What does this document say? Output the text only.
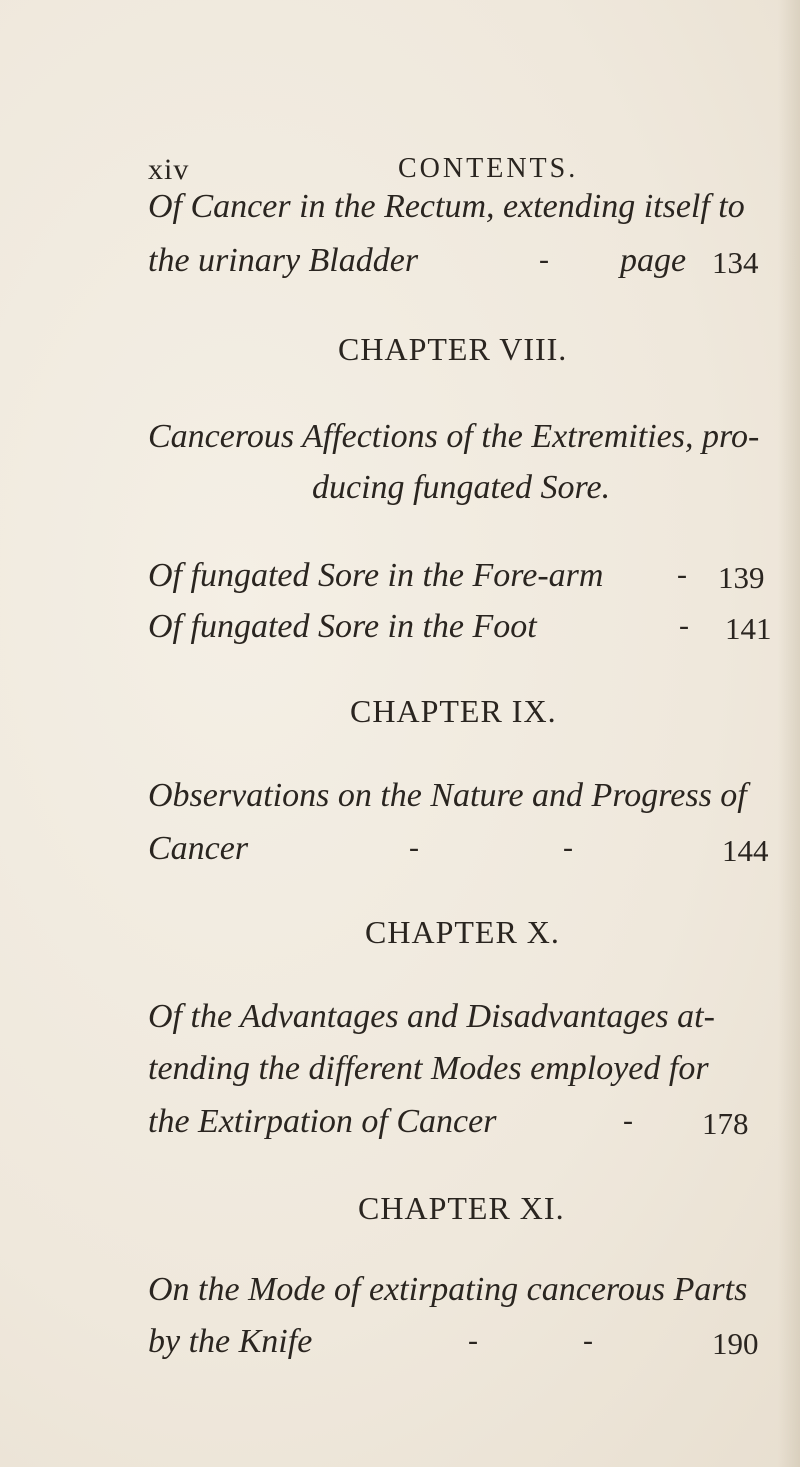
xiv	CONTENTS.
Of Cancer in the Rectum, extending itself to
the urinary Bladder	- page 134
CHAPTER VIII.
Cancerous Affections of the Extremities, pro-
ducing fungated Sore.
Of fungated Sore in the Fore-arm - 139
Of fungated Sore in the Foot	- 141
CHAPTER IX.
Observations on the Nature and Progress of
Cancer	-	-	144
CHAPTER X.
Of the Advantages and Disadvantages at-
tending the different Modes employed for
the Extirpation of Cancer	- 178
CHAPTER XI.
On the Mode of extirpating cancerous Parts
by the Knife	-	-	190
